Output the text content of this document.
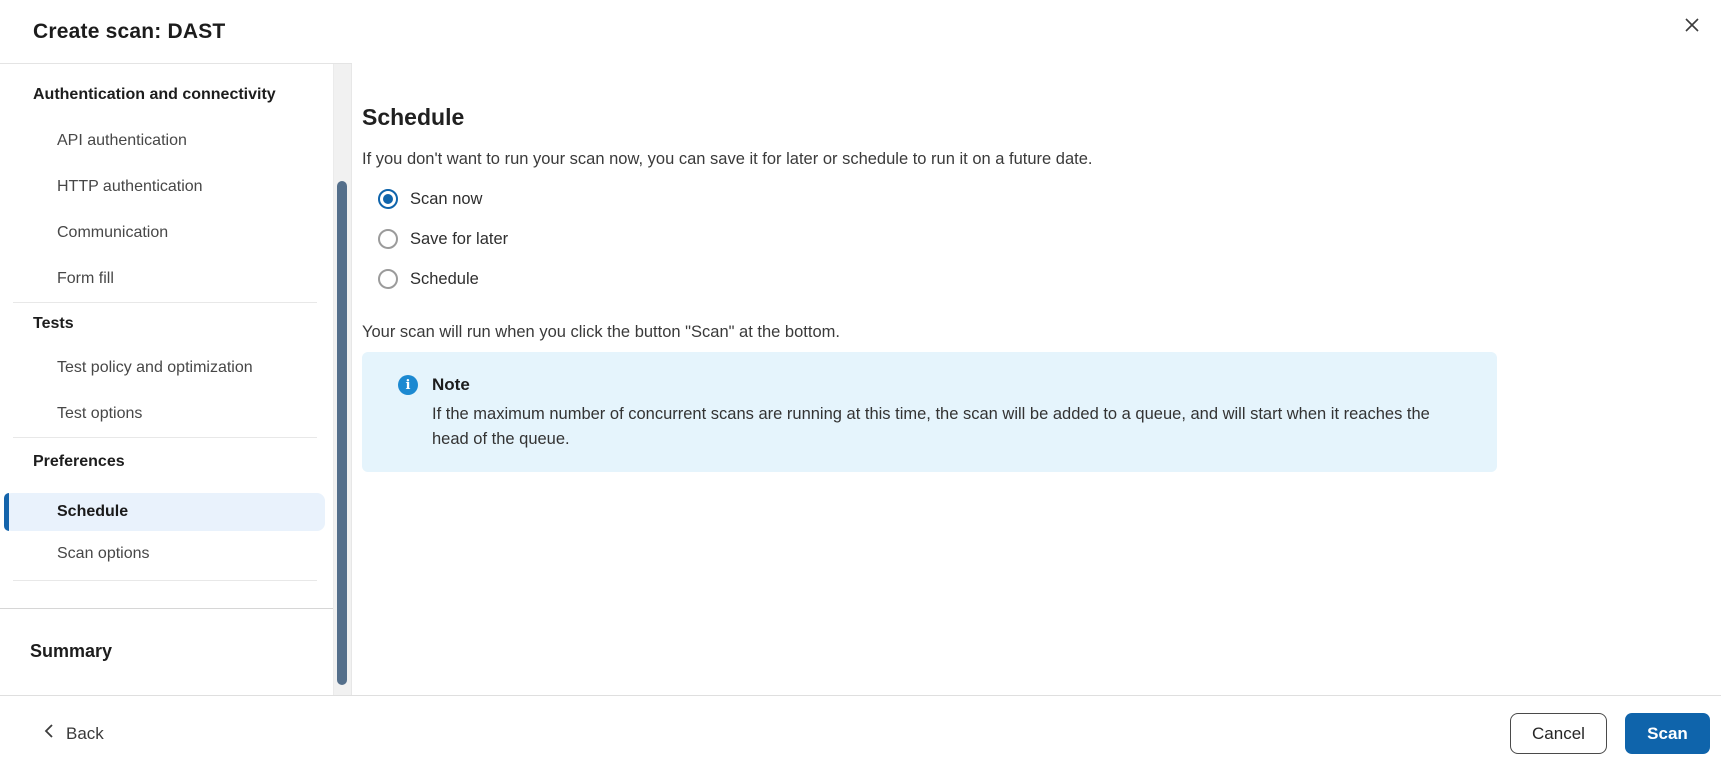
Create scan: DAST
Authentication and connectivity
API authentication
HTTP authentication
Communication
Form fill
Tests
Test policy and optimization
Test options
Preferences
Schedule
Scan options
Summary
Schedule

If you don't want to run your scan now, you can save it for later or schedule to run it on a future date.

Scan now
Save for later
Schedule

Your scan will run when you click the button "Scan" at the bottom.

i	Note

If the maximum number of concurrent scans are running at this time, the scan will be added to a queue, and will start when it reaches the head of the queue.

Back	Cancel	Scan
